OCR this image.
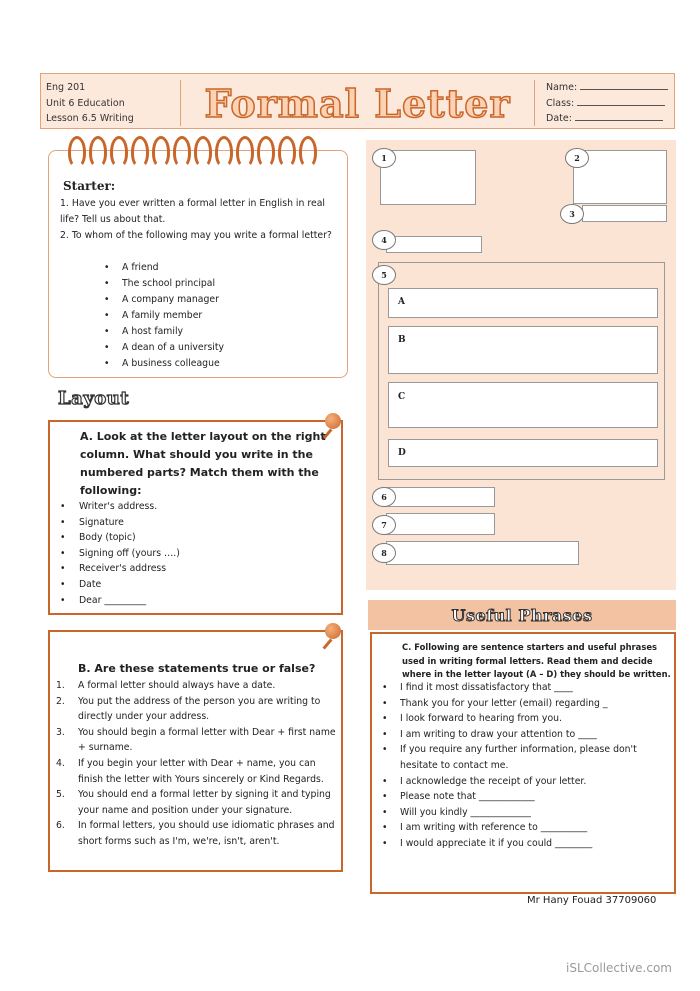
Eng 201
Unit 6 Education
Lesson 6.5 Writing Formal Letter	Name:
Class:
Date:
Starter:
1. Have you ever written a formal letter in English in real life? Tell us about that.
2. To whom of the following may you write a formal letter?
• A friend
• The school principal
• A company manager
• A family member
• A host family
• A dean of a university
• A business colleague
Layout
A. Look at the letter layout on the right column. What should you write in the numbered parts? Match them with the following:
• Writer's address.
• Signature
• Body (topic)
• Signing off (yours ….)
• Receiver's address
• Date
• Dear _________
B. Are these statements true or false?
1. A formal letter should always have a date.
2. You put the address of the person you are writing to directly under your address.
3. You should begin a formal letter with Dear + first name + surname.
4. If you begin your letter with Dear + name, you can finish the letter with Yours sincerely or Kind Regards.
5. You should end a formal letter by signing it and typing your name and position under your signature.
6. In formal letters, you should use idiomatic phrases and short forms such as I'm, we're, isn't, aren't.
1	2
3
4
5
A
B
C
D
6
7
8
Useful Phrases
C. Following are sentence starters and useful phrases used in writing formal letters. Read them and decide where in the letter layout (A – D) they should be written.
• I find it most dissatisfactory that ____
• Thank you for your letter (email) regarding _
• I look forward to hearing from you.
• I am writing to draw your attention to ____
• If you require any further information, please don't hesitate to contact me.
• I acknowledge the receipt of your letter.
• Please note that ____________
• Will you kindly _____________
• I am writing with reference to __________
• I would appreciate it if you could ________
Mr Hany Fouad 37709060
iSLCollective.com
